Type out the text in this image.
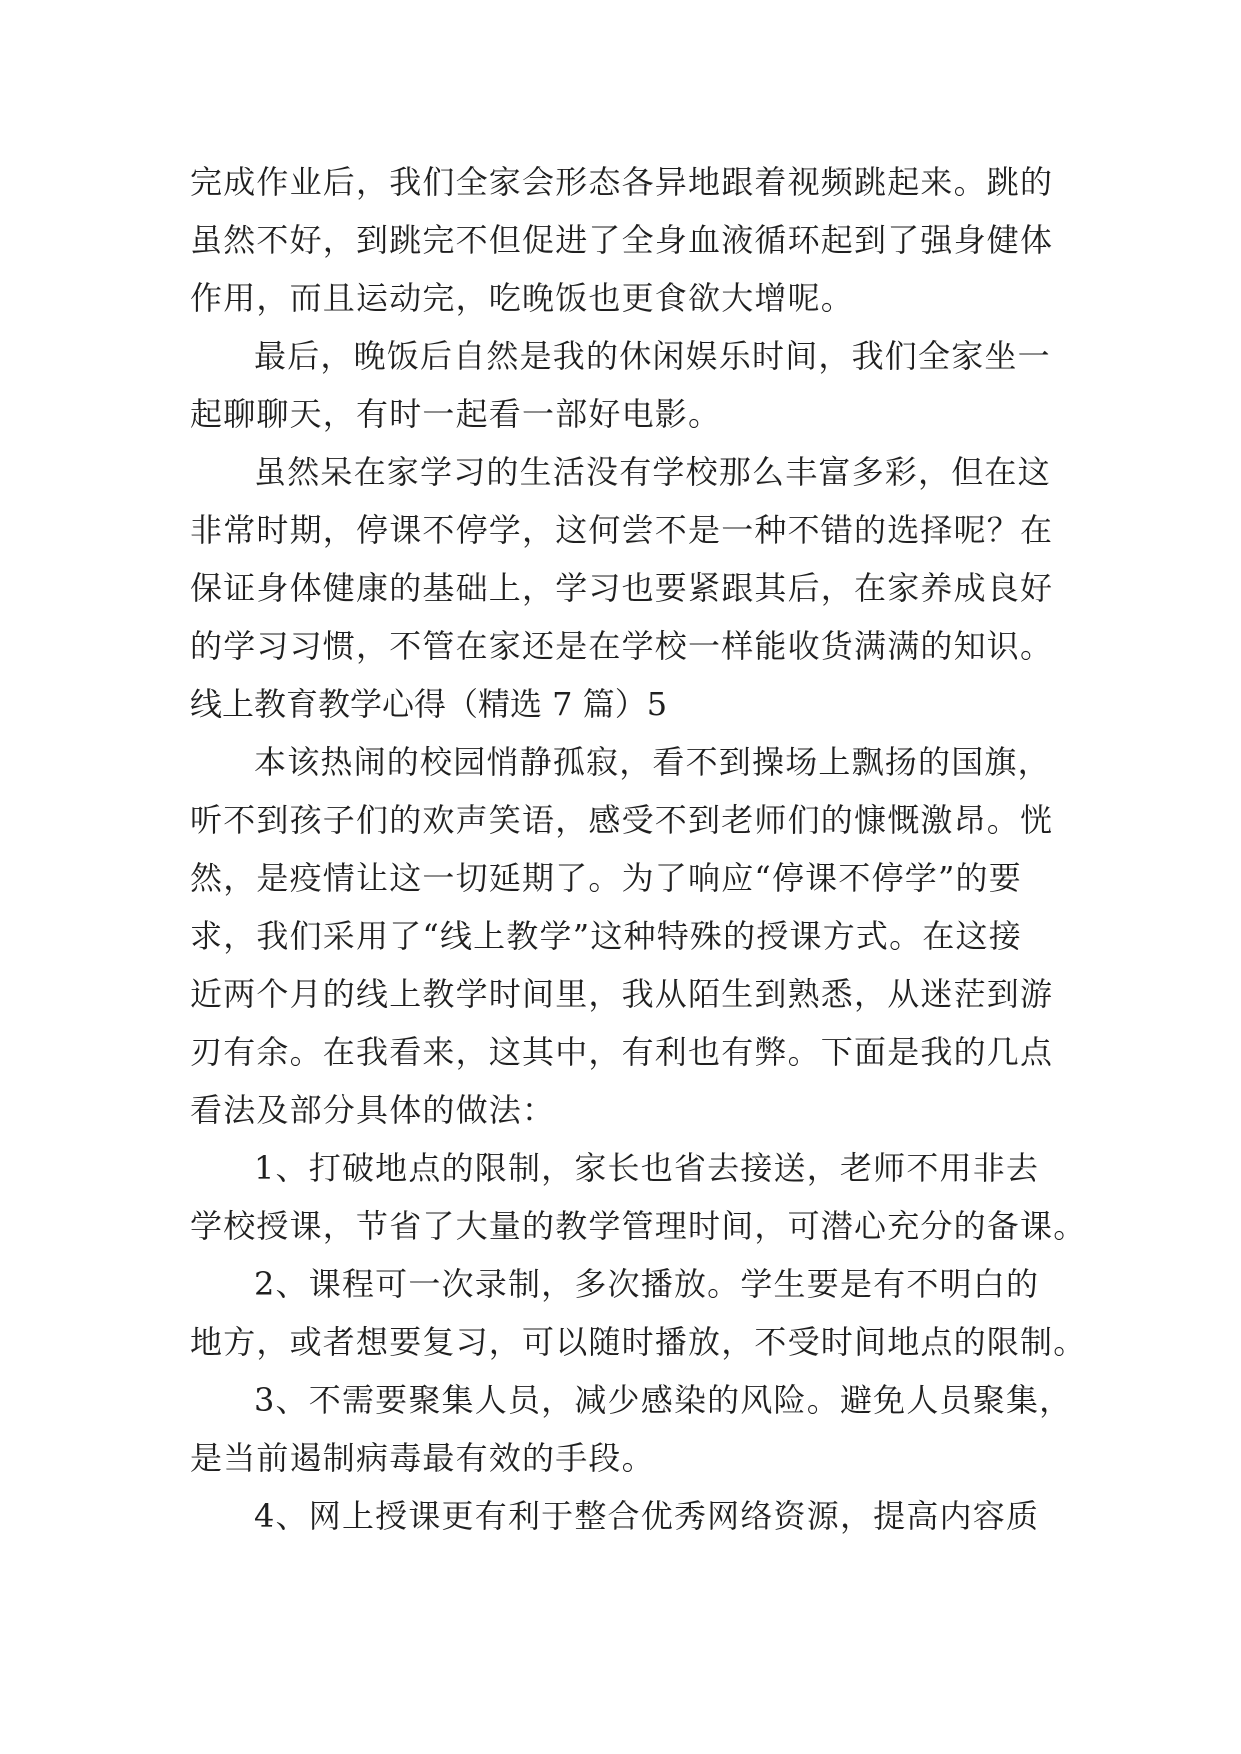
完成作业后，我们全家会形态各异地跟着视频跳起来。跳的
虽然不好，到跳完不但促进了全身血液循环起到了强身健体
作用，而且运动完，吃晚饭也更食欲大增呢。
最后，晚饭后自然是我的休闲娱乐时间，我们全家坐一
起聊聊天，有时一起看一部好电影。
虽然呆在家学习的生活没有学校那么丰富多彩，但在这
非常时期，停课不停学，这何尝不是一种不错的选择呢？在
保证身体健康的基础上，学习也要紧跟其后，在家养成良好
的学习习惯，不管在家还是在学校一样能收货满满的知识。
线上教育教学心得（精选 7 篇）5
本该热闹的校园悄静孤寂，看不到操场上飘扬的国旗，
听不到孩子们的欢声笑语，感受不到老师们的慷慨激昂。恍
然，是疫情让这一切延期了。为了响应“停课不停学”的要
求，我们采用了“线上教学”这种特殊的授课方式。在这接
近两个月的线上教学时间里，我从陌生到熟悉，从迷茫到游
刃有余。在我看来，这其中，有利也有弊。下面是我的几点
看法及部分具体的做法：
1、打破地点的限制，家长也省去接送，老师不用非去
学校授课，节省了大量的教学管理时间，可潜心充分的备课。
2、课程可一次录制，多次播放。学生要是有不明白的
地方，或者想要复习，可以随时播放，不受时间地点的限制。
3、不需要聚集人员，减少感染的风险。避免人员聚集，
是当前遏制病毒最有效的手段。
4、网上授课更有利于整合优秀网络资源，提高内容质
